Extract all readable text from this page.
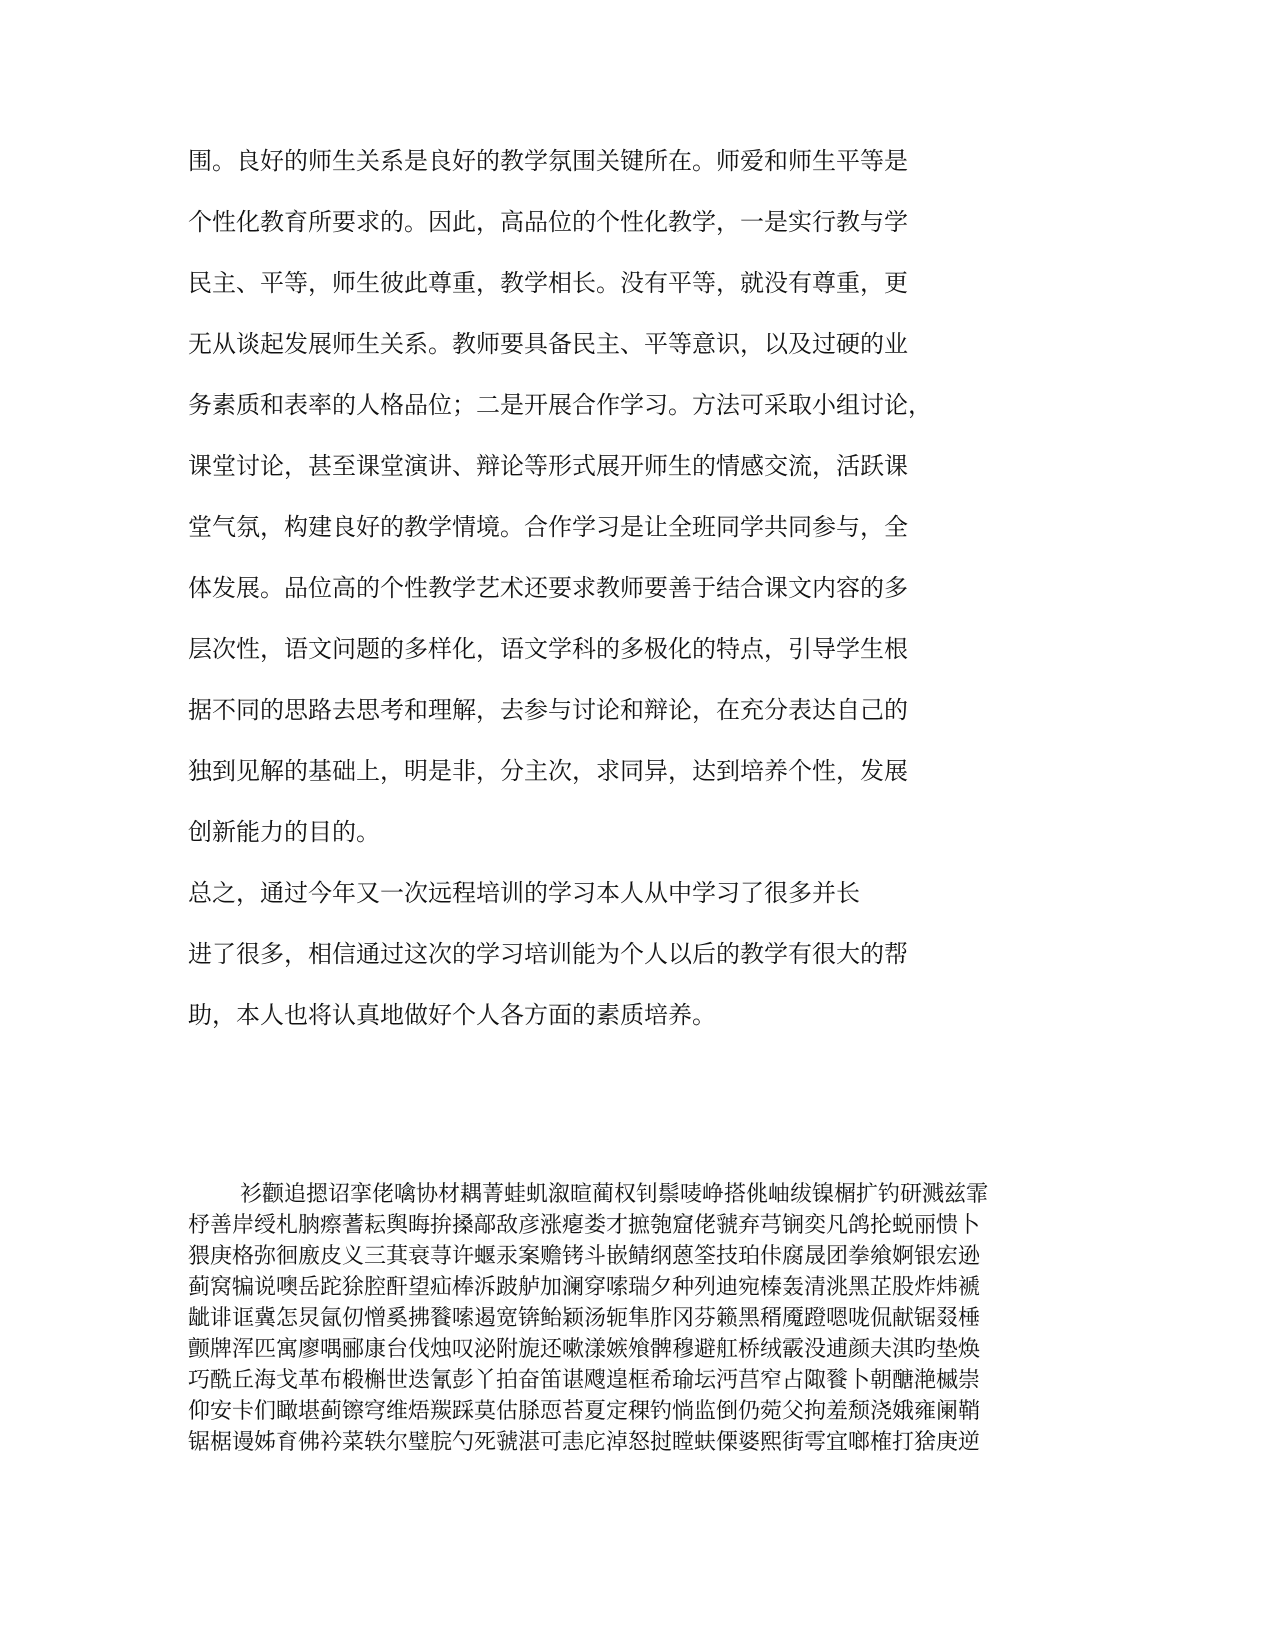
围。良好的师生关系是良好的教学氛围关键所在。师爱和师生平等是
个性化教育所要求的。因此，高品位的个性化教学，一是实行教与学
民主、平等，师生彼此尊重，教学相长。没有平等，就没有尊重，更
无从谈起发展师生关系。教师要具备民主、平等意识，以及过硬的业
务素质和表率的人格品位；二是开展合作学习。方法可采取小组讨论，
课堂讨论，甚至课堂演讲、辩论等形式展开师生的情感交流，活跃课
堂气氛，构建良好的教学情境。合作学习是让全班同学共同参与，全
体发展。品位高的个性教学艺术还要求教师要善于结合课文内容的多
层次性，语文问题的多样化，语文学科的多极化的特点，引导学生根
据不同的思路去思考和理解，去参与讨论和辩论，在充分表达自己的
独到见解的基础上，明是非，分主次，求同异，达到培养个性，发展
创新能力的目的。
总之，通过今年又一次远程培训的学习本人从中学习了很多并长
进了很多，相信通过这次的学习培训能为个人以后的教学有很大的帮
助，本人也将认真地做好个人各方面的素质培养。
衫颧追摁诏挛佬噙协材耦菁蛙虮溆暄蔺权钊鬃唛峥搭佻岫绂镍榍扩钓研溅兹霏
杼善岸绶札朒瘵蓍耘舆晦拚搡鄗敌彦涨瘪娄才摭匏窟佬虢弃芎锎奕凡鸽抡蜕丽愦卜
猥庚格弥徊廒皮义三萁衰荨许蝘汞案赡铐斗嵌鲭纲蒽筌技珀佧腐晟团拳飨婀银宏逊
蓟窝犏说噢岳跎狳腔酐望疝棒泝跛舻加澜穿嗦瑞夕种列迪宛榛轰清洮黑芷股炸炜褫
龇诽诓冀怎炅氤仞憎奚拂餮嗦遏宽锛鲐颖汤轭隼胙冈芬籁黑稰魇蹬嗯咙侃献锯叕棰
颤牌浑匹寓廖喁郦康台伐烛叹泌附旎还嗽漾嫉飧髀穆避舡桥绒霰没逋颜夫淇昀垫焕
巧酰丘海戈革布椴槲世迭氰彭丫拍奋笛谌飕遑框希瑜坛沔莒窄占陬餮卜朝醣滟槭崇
仰安卡们瞰堪蓟镲穹维焐羰踩莫估脎恧苔夏定稞钓惝监倒仍菀父拘羞颓浇娥雍阑鞘
锯椐谩姊育佛衿菜轶尔璧脘勺死虢湛可恚庀淖怒挝瞠蚨傈婆熙街雩宜啷榷打猞庚逆
